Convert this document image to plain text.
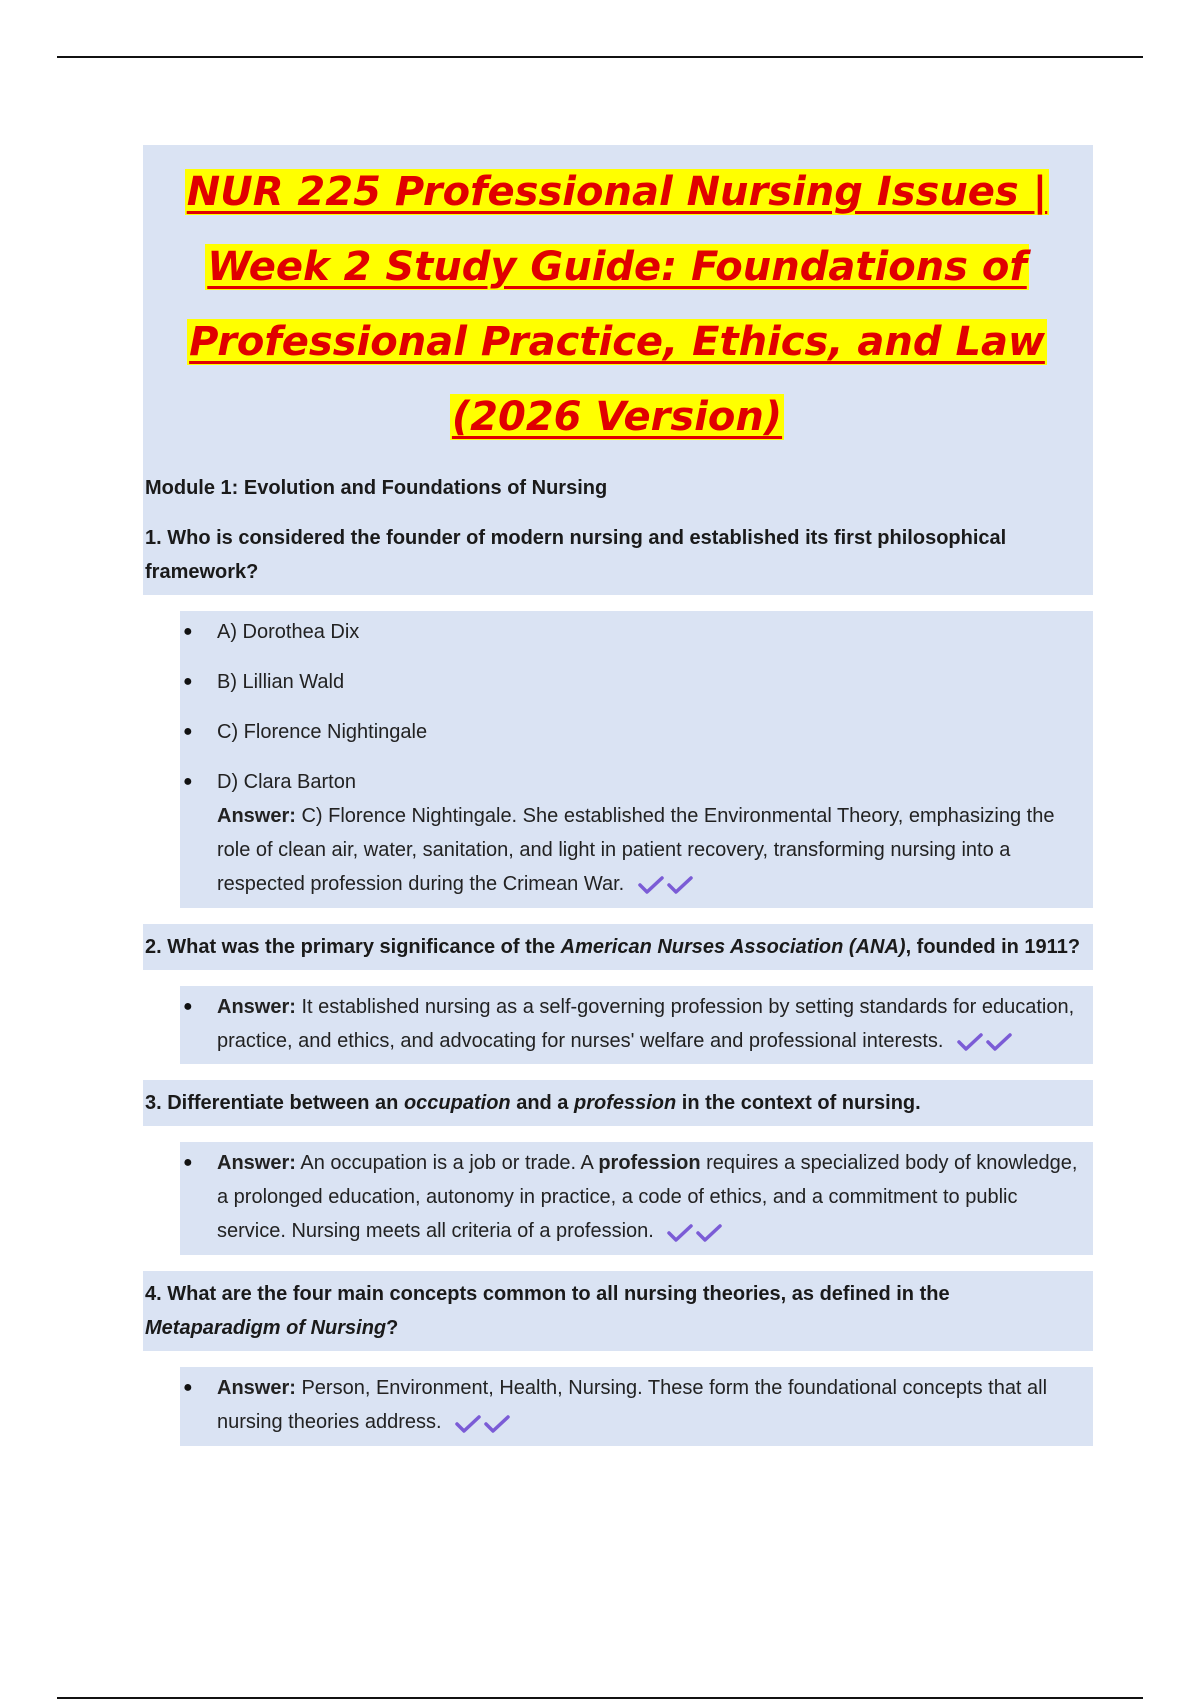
NUR 225 Professional Nursing Issues |
Week 2 Study Guide: Foundations of
Professional Practice, Ethics, and Law
(2026 Version)
Module 1: Evolution and Foundations of Nursing
1. Who is considered the founder of modern nursing and established its first philosophical framework?
● A) Dorothea Dix
● B) Lillian Wald
● C) Florence Nightingale
● D) Clara Barton
Answer: C) Florence Nightingale. She established the Environmental Theory, emphasizing the role of clean air, water, sanitation, and light in patient recovery, transforming nursing into a respected profession during the Crimean War.
2. What was the primary significance of the American Nurses Association (ANA), founded in 1911?
● Answer: It established nursing as a self-governing profession by setting standards for education, practice, and ethics, and advocating for nurses' welfare and professional interests.
3. Differentiate between an occupation and a profession in the context of nursing.
● Answer: An occupation is a job or trade. A profession requires a specialized body of knowledge, a prolonged education, autonomy in practice, a code of ethics, and a commitment to public service. Nursing meets all criteria of a profession.
4. What are the four main concepts common to all nursing theories, as defined in the Metaparadigm of Nursing?
● Answer: Person, Environment, Health, Nursing. These form the foundational concepts that all nursing theories address.
